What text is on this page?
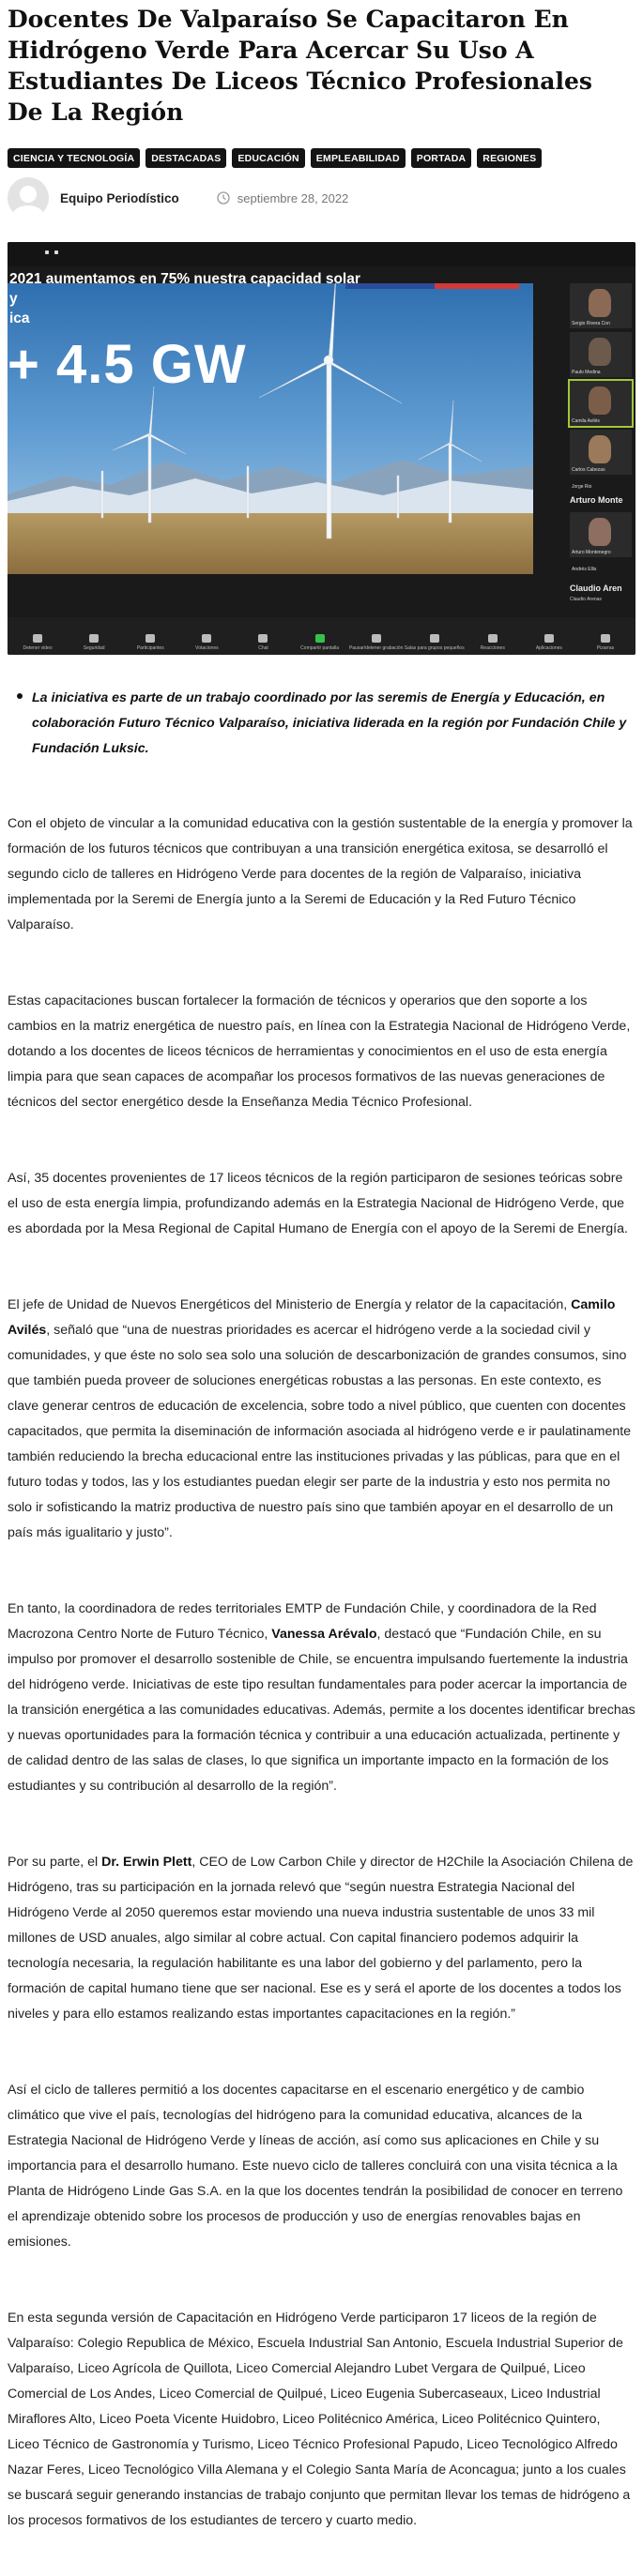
Docentes De Valparaíso Se Capacitaron En Hidrógeno Verde Para Acercar Su Uso A Estudiantes De Liceos Técnico Profesionales De La Región
CIENCIA Y TECNOLOGÍA	DESTACADAS	EDUCACIÓN	EMPLEABILIDAD	PORTADA	REGIONES
Equipo Periodístico	septiembre 28, 2022
2021 aumentamos en 75% nuestra capacidad solar y
ica
+ 4.5 GW
Sergio Rivera Con
Paulo Medina
Camila Avilés
Carlos Cabezas
Arturo Monte
Arturo Montenegro
Jorge Rio
Andrés Ellis
Claudio Aren
Claudio Arenas
Detener video	Seguridad	Participantes	Votaciones	Chat	Compartir pantalla Pausar/detener grabación Salas para grupos pequeños	Reacciones	Aplicaciones	Pizarras

La iniciativa es parte de un trabajo coordinado por las seremis de Energía y Educación, en colaboración Futuro Técnico Valparaíso, iniciativa liderada en la región por Fundación Chile y Fundación Luksic.

Con el objeto de vincular a la comunidad educativa con la gestión sustentable de la energía y promover la formación de los futuros técnicos que contribuyan a una transición energética exitosa, se desarrolló el segundo ciclo de talleres en Hidrógeno Verde para docentes de la región de Valparaíso, iniciativa implementada por la Seremi de Energía junto a la Seremi de Educación y la Red Futuro Técnico Valparaíso.

Estas capacitaciones buscan fortalecer la formación de técnicos y operarios que den soporte a los cambios en la matriz energética de nuestro país, en línea con la Estrategia Nacional de Hidrógeno Verde, dotando a los docentes de liceos técnicos de herramientas y conocimientos en el uso de esta energía limpia para que sean capaces de acompañar los procesos formativos de las nuevas generaciones de técnicos del sector energético desde la Enseñanza Media Técnico Profesional.

Así, 35 docentes provenientes de 17 liceos técnicos de la región participaron de sesiones teóricas sobre el uso de esta energía limpia, profundizando además en la Estrategia Nacional de Hidrógeno Verde, que es abordada por la Mesa Regional de Capital Humano de Energía con el apoyo de la Seremi de Energía.

El jefe de Unidad de Nuevos Energéticos del Ministerio de Energía y relator de la capacitación, Camilo Avilés, señaló que “una de nuestras prioridades es acercar el hidrógeno verde a la sociedad civil y comunidades, y que éste no solo sea solo una solución de descarbonización de grandes consumos, sino que también pueda proveer de soluciones energéticas robustas a las personas. En este contexto, es clave generar centros de educación de excelencia, sobre todo a nivel público, que cuenten con docentes capacitados, que permita la diseminación de información asociada al hidrógeno verde e ir paulatinamente también reduciendo la brecha educacional entre las instituciones privadas y las públicas, para que en el futuro todas y todos, las y los estudiantes puedan elegir ser parte de la industria y esto nos permita no solo ir sofisticando la matriz productiva de nuestro país sino que también apoyar en el desarrollo de un país más igualitario y justo”.

En tanto, la coordinadora de redes territoriales EMTP de Fundación Chile, y coordinadora de la Red Macrozona Centro Norte de Futuro Técnico, Vanessa Arévalo, destacó que “Fundación Chile, en su impulso por promover el desarrollo sostenible de Chile, se encuentra impulsando fuertemente la industria del hidrógeno verde. Iniciativas de este tipo resultan fundamentales para poder acercar la importancia de la transición energética a las comunidades educativas. Además, permite a los docentes identificar brechas y nuevas oportunidades para la formación técnica y contribuir a una educación actualizada, pertinente y de calidad dentro de las salas de clases, lo que significa un importante impacto en la formación de los estudiantes y su contribución al desarrollo de la región”.

Por su parte, el Dr. Erwin Plett, CEO de Low Carbon Chile y director de H2Chile la Asociación Chilena de Hidrógeno, tras su participación en la jornada relevó que “según nuestra Estrategia Nacional del Hidrógeno Verde al 2050 queremos estar moviendo una nueva industria sustentable de unos 33 mil millones de USD anuales, algo similar al cobre actual. Con capital financiero podemos adquirir la tecnología necesaria, la regulación habilitante es una labor del gobierno y del parlamento, pero la formación de capital humano tiene que ser nacional. Ese es y será el aporte de los docentes a todos los niveles y para ello estamos realizando estas importantes capacitaciones en la región.”

Así el ciclo de talleres permitió a los docentes capacitarse en el escenario energético y de cambio climático que vive el país, tecnologías del hidrógeno para la comunidad educativa, alcances de la Estrategia Nacional de Hidrógeno Verde y líneas de acción, así como sus aplicaciones en Chile y su importancia para el desarrollo humano. Este nuevo ciclo de talleres concluirá con una visita técnica a la Planta de Hidrógeno Linde Gas S.A. en la que los docentes tendrán la posibilidad de conocer en terreno el aprendizaje obtenido sobre los procesos de producción y uso de energías renovables bajas en emisiones.

En esta segunda versión de Capacitación en Hidrógeno Verde participaron 17 liceos de la región de Valparaíso: Colegio Republica de México, Escuela Industrial San Antonio, Escuela Industrial Superior de Valparaíso, Liceo Agrícola de Quillota, Liceo Comercial Alejandro Lubet Vergara de Quilpué, Liceo Comercial de Los Andes, Liceo Comercial de Quilpué, Liceo Eugenia Subercaseaux, Liceo Industrial Miraflores Alto, Liceo Poeta Vicente Huidobro, Liceo Politécnico América, Liceo Politécnico Quintero, Liceo Técnico de Gastronomía y Turismo, Liceo Técnico Profesional Papudo, Liceo Tecnológico Alfredo Nazar Feres, Liceo Tecnológico Villa Alemana y el Colegio Santa María de Aconcagua; junto a los cuales se buscará seguir generando instancias de trabajo conjunto que permitan llevar los temas de hidrógeno a los procesos formativos de los estudiantes de tercero y cuarto medio.
